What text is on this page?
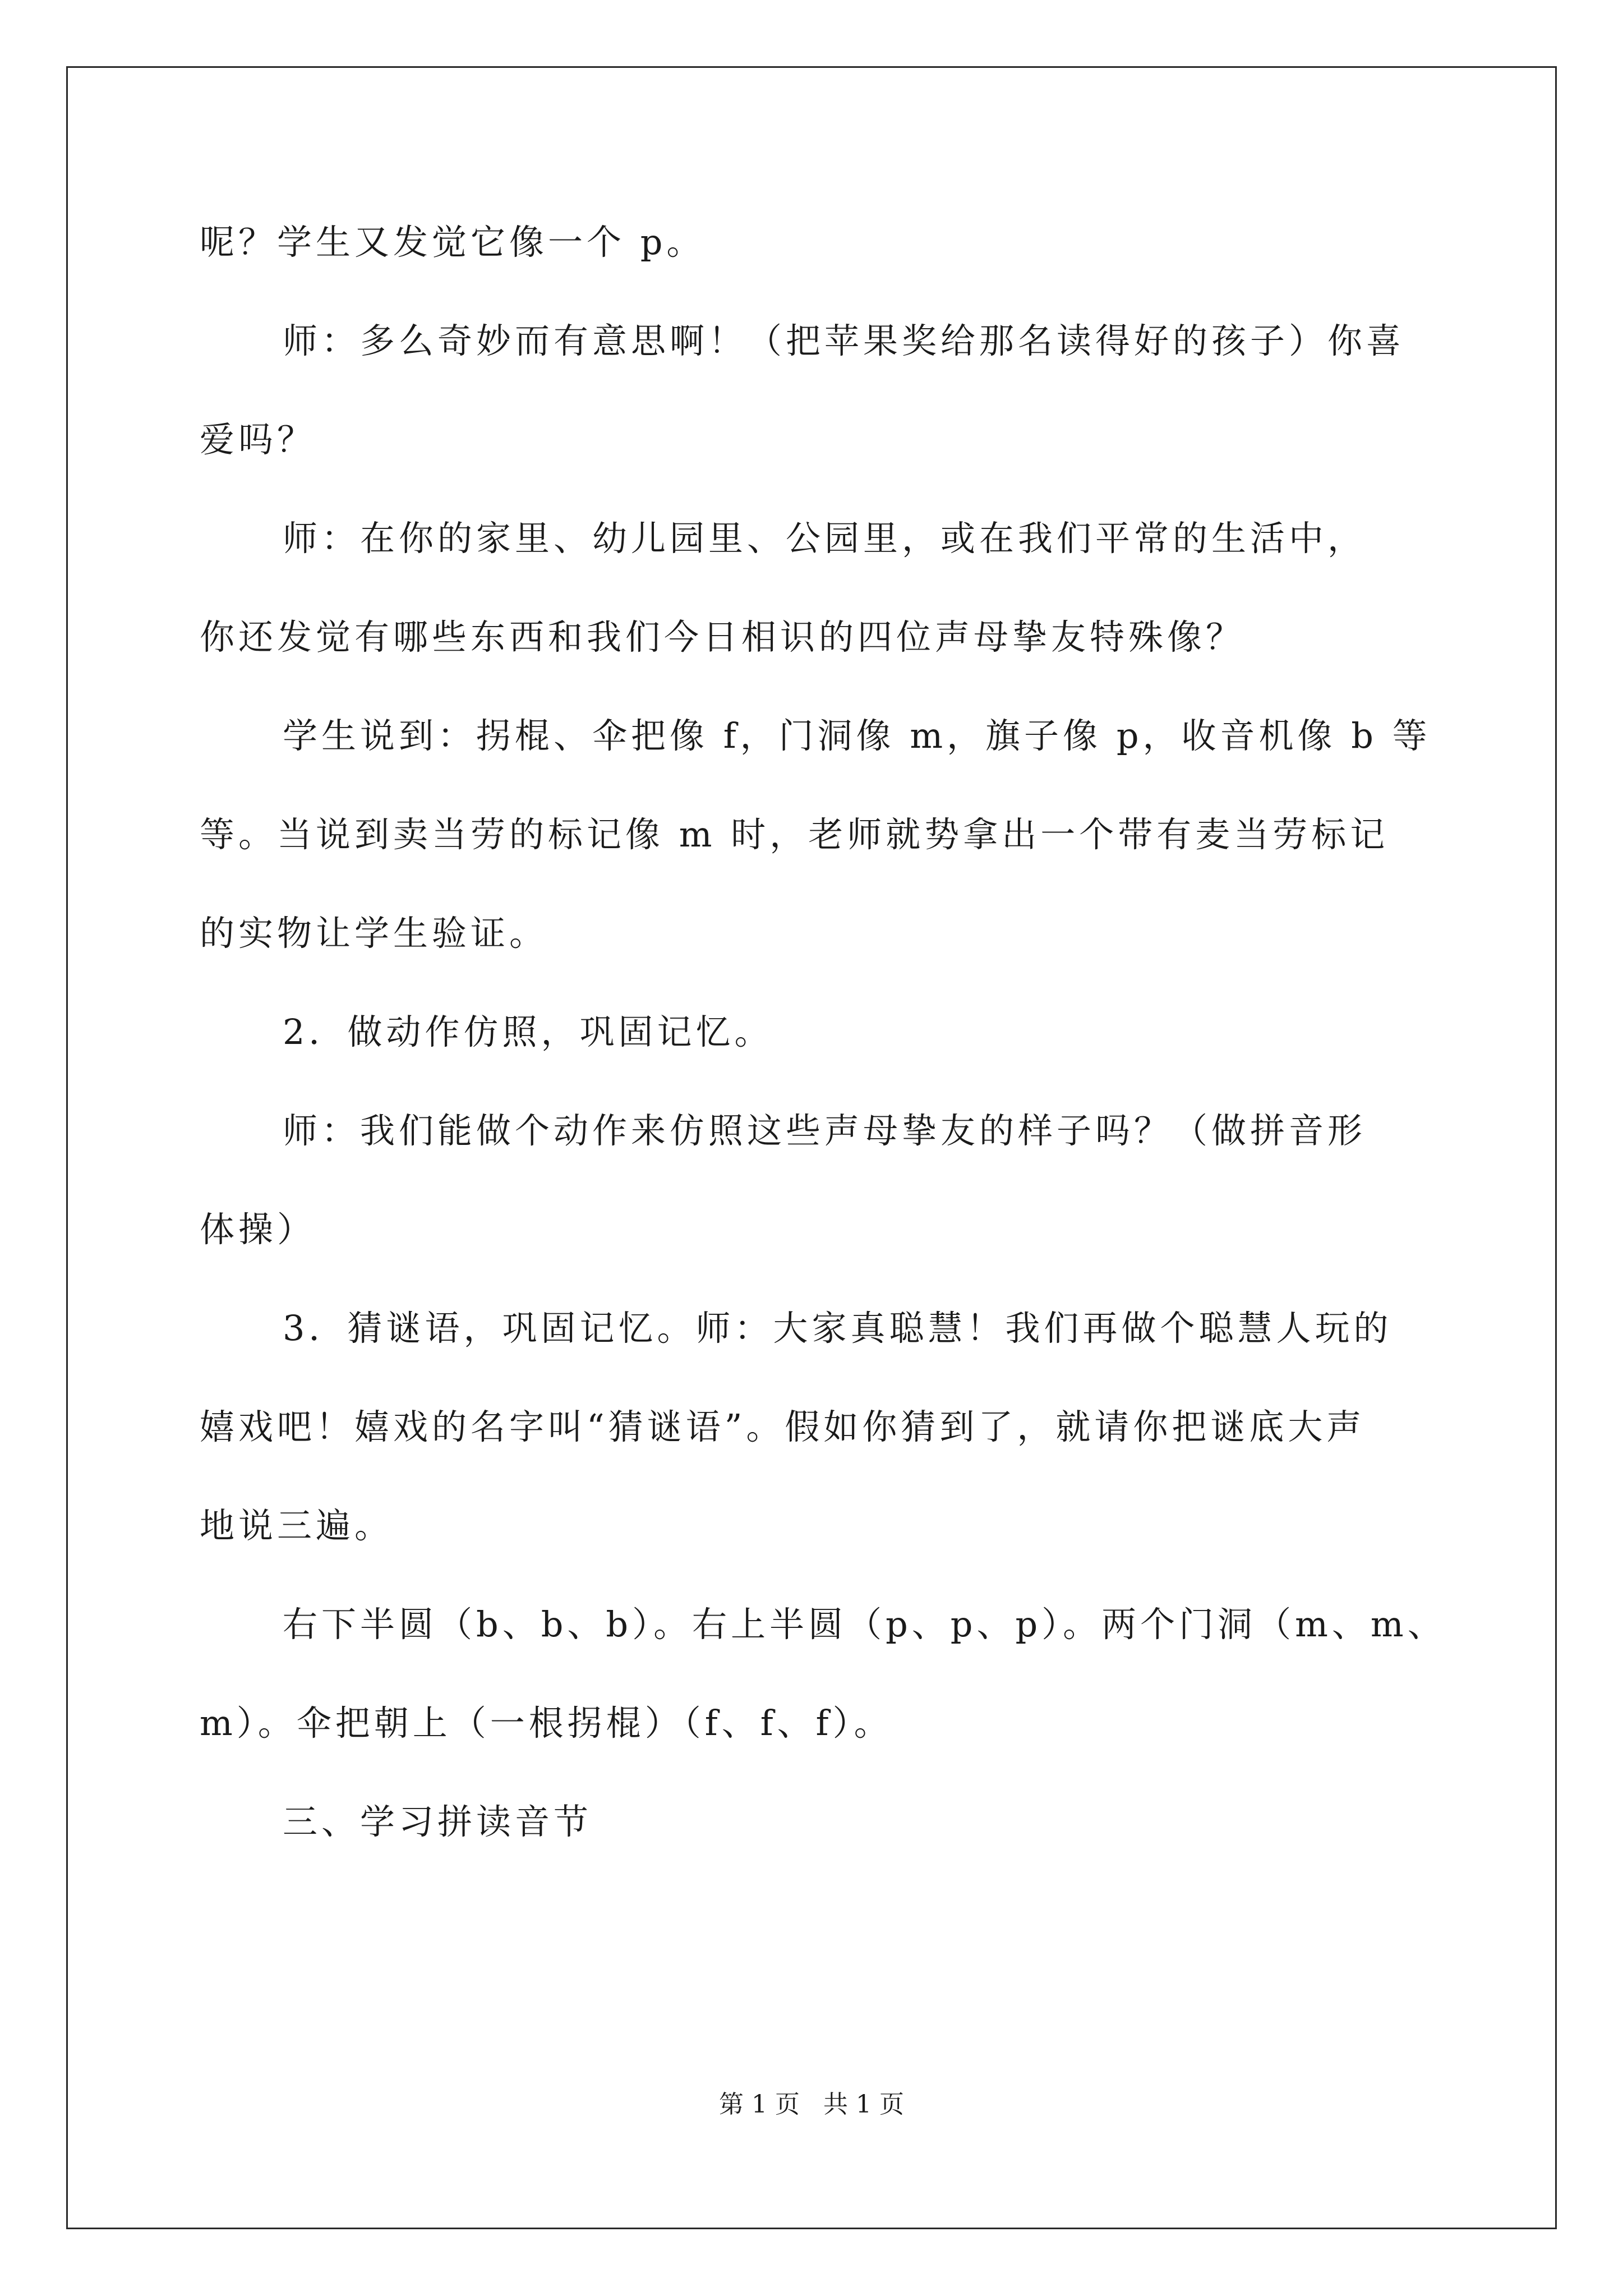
呢？学生又发觉它像一个 p。
师：多么奇妙而有意思啊！（把苹果奖给那名读得好的孩子）你喜
爱吗？
师：在你的家里、幼儿园里、公园里，或在我们平常的生活中，
你还发觉有哪些东西和我们今日相识的四位声母挚友特殊像？
学生说到：拐棍、伞把像 f，门洞像 m，旗子像 p，收音机像 b 等
等。当说到卖当劳的标记像 m 时，老师就势拿出一个带有麦当劳标记
的实物让学生验证。
2．做动作仿照，巩固记忆。
师：我们能做个动作来仿照这些声母挚友的样子吗？（做拼音形
体操）
3．猜谜语，巩固记忆。师：大家真聪慧！我们再做个聪慧人玩的
嬉戏吧！嬉戏的名字叫“猜谜语”。假如你猜到了，就请你把谜底大声
地说三遍。
右下半圆（b、b、b）。右上半圆（p、p、p）。两个门洞（m、m、
m）。伞把朝上（一根拐棍）（f、f、f）。
三、学习拼读音节
第 1 页   共 1 页
